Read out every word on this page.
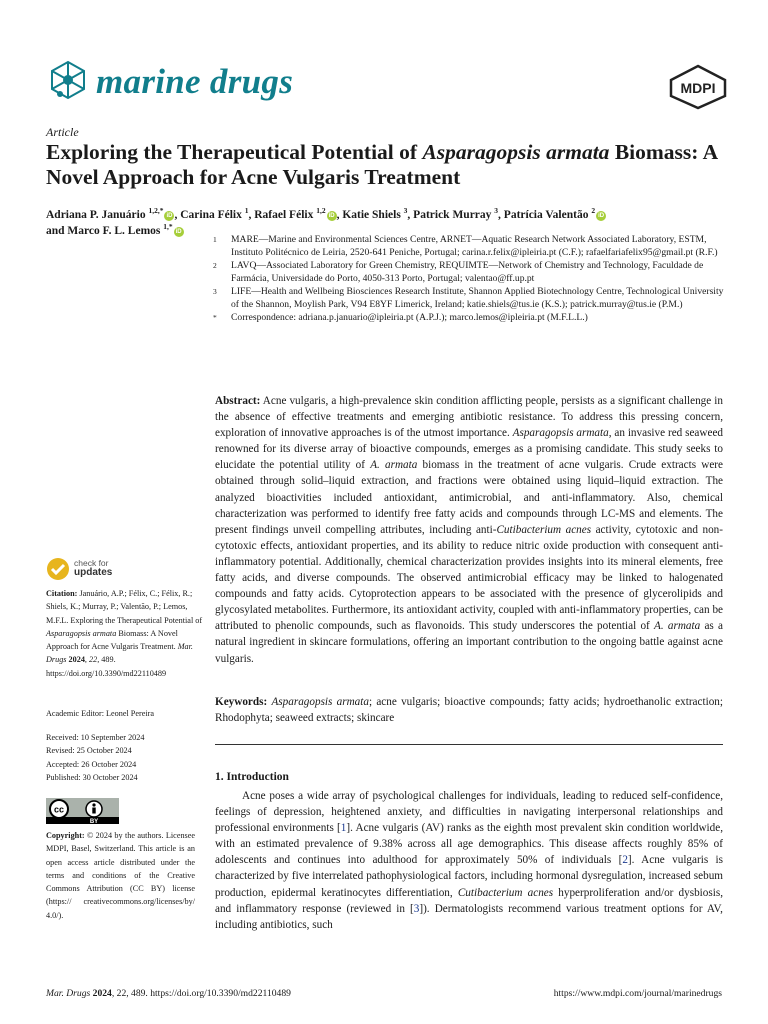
marine drugs	MDPI
Article
Exploring the Therapeutical Potential of Asparagopsis armata Biomass: A Novel Approach for Acne Vulgaris Treatment
Adriana P. Januário $^{1,2,*}$iD , Carina Félix $^1$, Rafael Félix $^{1,2}$iD , Katie Shiels $^3$, Patrick Murray $^3$, Patrícia Valentão $^2$iD
and Marco F. L. Lemos $^{1,*}$iD
1	MARE—Marine and Environmental Sciences Centre, ARNET—Aquatic Research Network Associated Laboratory, ESTM, Instituto Politécnico de Leiria, 2520-641 Peniche, Portugal; carina.r.felix@ipleiria.pt (C.F.); rafaelfariafelix95@gmail.pt (R.F.)
2	LAVQ—Associated Laboratory for Green Chemistry, REQUIMTE—Network of Chemistry and Technology, Faculdade de Farmácia, Universidade do Porto, 4050-313 Porto, Portugal; valentao@ff.up.pt
3	LIFE—Health and Wellbeing Biosciences Research Institute, Shannon Applied Biotechnology Centre, Technological University of the Shannon, Moylish Park, V94 E8YF Limerick, Ireland; katie.shiels@tus.ie (K.S.); patrick.murray@tus.ie (P.M.)
*	Correspondence: adriana.p.januario@ipleiria.pt (A.P.J.); marco.lemos@ipleiria.pt (M.F.L.L.)
Abstract: Acne vulgaris, a high-prevalence skin condition afflicting people, persists as a significant challenge in the absence of effective treatments and emerging antibiotic resistance. To address this pressing concern, exploration of innovative approaches is of the utmost importance. Asparagopsis armata, an invasive red seaweed renowned for its diverse array of bioactive compounds, emerges as a promising candidate. This study seeks to elucidate the potential utility of A. armata biomass in the treatment of acne vulgaris. Crude extracts were obtained through solid–liquid extraction, and fractions were obtained using liquid–liquid extraction. The analyzed bioactivities included antioxidant, antimicrobial, and anti-inflammatory. Also, chemical characterization was performed to identify free fatty acids and compounds through LC-MS and elements. The present findings unveil compelling attributes, including anti-Cutibacterium acnes activity, cytotoxic and non-cytotoxic effects, antioxidant properties, and its ability to reduce nitric oxide production with consequent anti-inflammatory potential. Additionally, chemical characterization provides insights into its mineral elements, free fatty acids, and diverse compounds. The observed antimicrobial efficacy may be linked to halogenated compounds and fatty acids. Cytoprotection appears to be associated with the presence of glycerolipids and glycosylated metabolites. Furthermore, its antioxidant activity, coupled with anti-inflammatory properties, can be attributed to phenolic compounds, such as flavonoids. This study underscores the potential of A. armata as a natural ingredient in skincare formulations, offering an important contribution to the ongoing battle against acne vulgaris.
Keywords: Asparagopsis armata; acne vulgaris; bioactive compounds; fatty acids; hydroethanolic extraction; Rhodophyta; seaweed extracts; skincare
check for
updates
Citation: Januário, A.P.; Félix, C.; Félix, R.; Shiels, K.; Murray, P.; Valentão, P.; Lemos, M.F.L. Exploring the Therapeutical Potential of Asparagopsis armata Biomass: A Novel Approach for Acne Vulgaris Treatment. Mar. Drugs 2024, 22, 489. https://doi.org/10.3390/md22110489
Academic Editor: Leonel Pereira
Received: 10 September 2024
Revised: 25 October 2024
Accepted: 26 October 2024
Published: 30 October 2024
cc
BY
Copyright: © 2024 by the authors. Licensee MDPI, Basel, Switzerland. This article is an open access article distributed under the terms and conditions of the Creative Commons Attribution (CC BY) license (https:// creativecommons.org/licenses/by/ 4.0/).
1. Introduction
Acne poses a wide array of psychological challenges for individuals, leading to reduced self-confidence, feelings of depression, heightened anxiety, and difficulties in navigating interpersonal relationships and professional environments [1]. Acne vulgaris (AV) ranks as the eighth most prevalent skin condition worldwide, with an estimated prevalence of 9.38% across all age demographics. This disease affects roughly 85% of adolescents and continues into adulthood for approximately 50% of individuals [2]. Acne vulgaris is characterized by five interrelated pathophysiological factors, including hormonal dysregulation, increased sebum production, epidermal keratinocytes differentiation, Cutibacterium acnes hyperproliferation and/or dysbiosis, and inflammatory response (reviewed in [3]). Dermatologists recommend various treatment options for AV, including antibiotics, such
Mar. Drugs 2024, 22, 489. https://doi.org/10.3390/md22110489	https://www.mdpi.com/journal/marinedrugs
